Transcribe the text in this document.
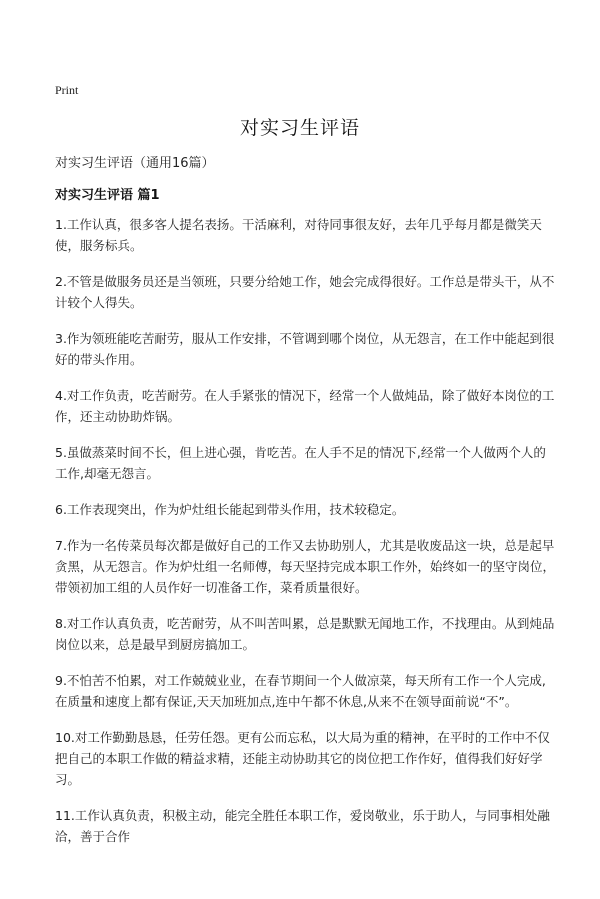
Print
对实习生评语
对实习生评语（通用16篇）
对实习生评语 篇1

1.工作认真，很多客人提名表扬。干活麻利，对待同事很友好，去年几乎每月都是微笑天使，服务标兵。

2.不管是做服务员还是当领班，只要分给她工作，她会完成得很好。工作总是带头干，从不计较个人得失。

3.作为领班能吃苦耐劳，服从工作安排，不管调到哪个岗位，从无怨言，在工作中能起到很好的带头作用。

4.对工作负责，吃苦耐劳。在人手紧张的情况下，经常一个人做炖品，除了做好本岗位的工作，还主动协助炸锅。

5.虽做蒸菜时间不长，但上进心强，肯吃苦。在人手不足的情况下,经常一个人做两个人的工作,却毫无怨言。

6.工作表现突出，作为炉灶组长能起到带头作用，技术较稳定。

7.作为一名传菜员每次都是做好自己的工作又去协助别人，尤其是收废品这一块，总是起早贪黑，从无怨言。作为炉灶组一名师傅，每天坚持完成本职工作外，始终如一的坚守岗位，带领初加工组的人员作好一切准备工作，菜肴质量很好。

8.对工作认真负责，吃苦耐劳，从不叫苦叫累，总是默默无闻地工作，不找理由。从到炖品岗位以来，总是最早到厨房搞加工。

9.不怕苦不怕累，对工作兢兢业业，在春节期间一个人做凉菜，每天所有工作一个人完成,在质量和速度上都有保证,天天加班加点,连中午都不休息,从来不在领导面前说“不”。

10.对工作勤勤恳恳，任劳任怨。更有公而忘私，以大局为重的精神，在平时的工作中不仅把自己的本职工作做的精益求精，还能主动协助其它的岗位把工作作好，值得我们好好学习。

11.工作认真负责，积极主动，能完全胜任本职工作，爱岗敬业，乐于助人，与同事相处融洽，善于合作
